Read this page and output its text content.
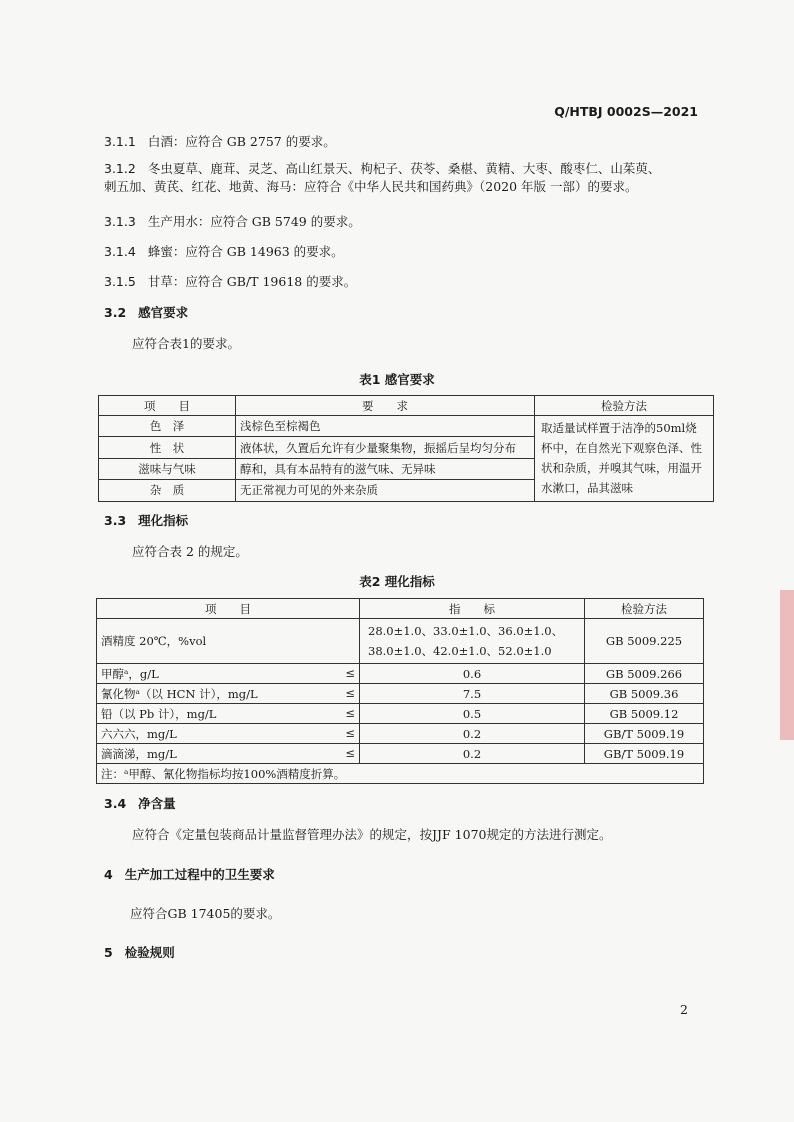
Q/HTBJ 0002S—2021
3.1.1 白酒：应符合 GB 2757 的要求。
3.1.2 冬虫夏草、鹿茸、灵芝、高山红景天、枸杞子、茯苓、桑椹、黄精、大枣、酸枣仁、山茱萸、
刺五加、黄芪、红花、地黄、海马：应符合《中华人民共和国药典》（2020 年版 一部）的要求。
3.1.3 生产用水：应符合 GB 5749 的要求。
3.1.4 蜂蜜：应符合 GB 14963 的要求。
3.1.5 甘草：应符合 GB/T 19618 的要求。
3.2 感官要求
应符合表1的要求。
表1 感官要求
项　　目	要　　求	检验方法
色　泽	浅棕色至棕褐色	取适量试样置于洁净的50ml烧杯中，在自然光下观察色泽、性状和杂质，并嗅其气味，用温开水漱口，品其滋味
性　状	液体状，久置后允许有少量聚集物，振摇后呈均匀分布	
滋味与气味	醇和，具有本品特有的滋气味、无异味	
杂　质	无正常视力可见的外来杂质	
3.3 理化指标
应符合表 2 的规定。
表2 理化指标
项　　目	指　　标	检验方法
酒精度 20℃，%vol	28.0±1.0、33.0±1.0、36.0±1.0、
38.0±1.0、42.0±1.0、52.0±1.0	GB 5009.225
甲醇ᵃ，g/L ≤	0.6	GB 5009.266
氰化物ᵃ（以 HCN 计），mg/L ≤	7.5	GB 5009.36
铅（以 Pb 计），mg/L ≤	0.5	GB 5009.12
六六六，mg/L ≤	0.2	GB/T 5009.19
滴滴涕，mg/L ≤	0.2	GB/T 5009.19
注：ᵃ甲醇、氰化物指标均按100%酒精度折算。		
3.4 净含量
应符合《定量包装商品计量监督管理办法》的规定，按JJF 1070规定的方法进行测定。
4 生产加工过程中的卫生要求
应符合GB 17405的要求。
5 检验规则
2
